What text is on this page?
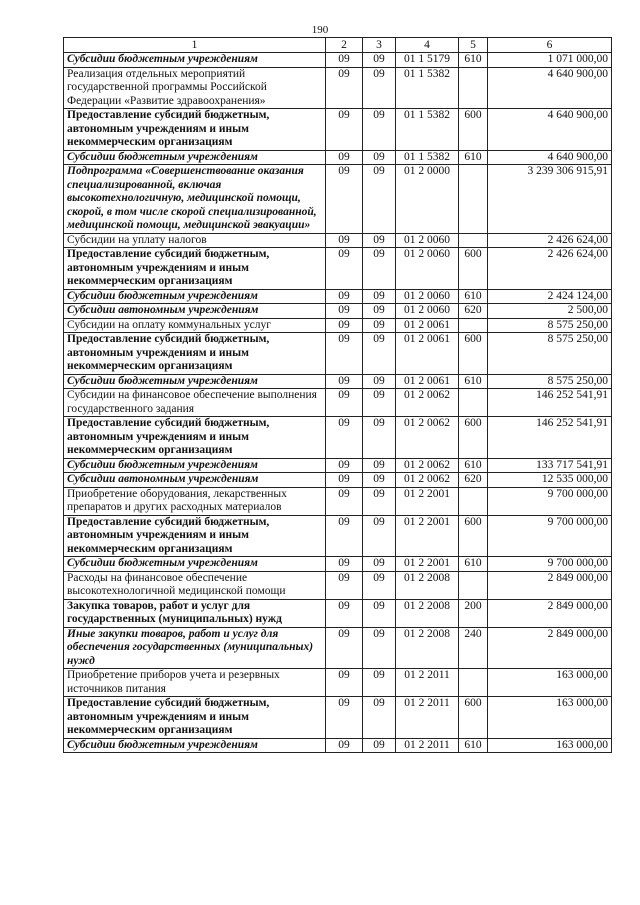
190
1	2	3	4	5	6
Субсидии бюджетным учреждениям	09	09	01 1 5179	610	1 071 000,00
Реализация отдельных мероприятий государственной программы Российской Федерации «Развитие здравоохранения»	09	09	01 1 5382		4 640 900,00
Предоставление субсидий бюджетным, автономным учреждениям и иным некоммерческим организациям	09	09	01 1 5382	600	4 640 900,00
Субсидии бюджетным учреждениям	09	09	01 1 5382	610	4 640 900,00
Подпрограмма «Совершенствование оказания специализированной, включая высокотехнологичную, медицинской помощи, скорой, в том числе скорой специализированной, медицинской помощи, медицинской эвакуации»	09	09	01 2 0000		3 239 306 915,91
Субсидии на уплату налогов	09	09	01 2 0060		2 426 624,00
Предоставление субсидий бюджетным, автономным учреждениям и иным некоммерческим организациям	09	09	01 2 0060	600	2 426 624,00
Субсидии бюджетным учреждениям	09	09	01 2 0060	610	2 424 124,00
Субсидии автономным учреждениям	09	09	01 2 0060	620	2 500,00
Субсидии на оплату коммунальных услуг	09	09	01 2 0061		8 575 250,00
Предоставление субсидий бюджетным, автономным учреждениям и иным некоммерческим организациям	09	09	01 2 0061	600	8 575 250,00
Субсидии бюджетным учреждениям	09	09	01 2 0061	610	8 575 250,00
Субсидии на финансовое обеспечение выполнения государственного задания	09	09	01 2 0062		146 252 541,91
Предоставление субсидий бюджетным, автономным учреждениям и иным некоммерческим организациям	09	09	01 2 0062	600	146 252 541,91
Субсидии бюджетным учреждениям	09	09	01 2 0062	610	133 717 541,91
Субсидии автономным учреждениям	09	09	01 2 0062	620	12 535 000,00
Приобретение оборудования, лекарственных препаратов и других расходных материалов	09	09	01 2 2001		9 700 000,00
Предоставление субсидий бюджетным, автономным учреждениям и иным некоммерческим организациям	09	09	01 2 2001	600	9 700 000,00
Субсидии бюджетным учреждениям	09	09	01 2 2001	610	9 700 000,00
Расходы на финансовое обеспечение высокотехнологичной медицинской помощи	09	09	01 2 2008		2 849 000,00
Закупка товаров, работ и услуг для государственных (муниципальных) нужд	09	09	01 2 2008	200	2 849 000,00
Иные закупки товаров, работ и услуг для обеспечения государственных (муниципальных) нужд	09	09	01 2 2008	240	2 849 000,00
Приобретение приборов учета и резервных источников питания	09	09	01 2 2011		163 000,00
Предоставление субсидий бюджетным, автономным учреждениям и иным некоммерческим организациям	09	09	01 2 2011	600	163 000,00
Субсидии бюджетным учреждениям	09	09	01 2 2011	610	163 000,00
